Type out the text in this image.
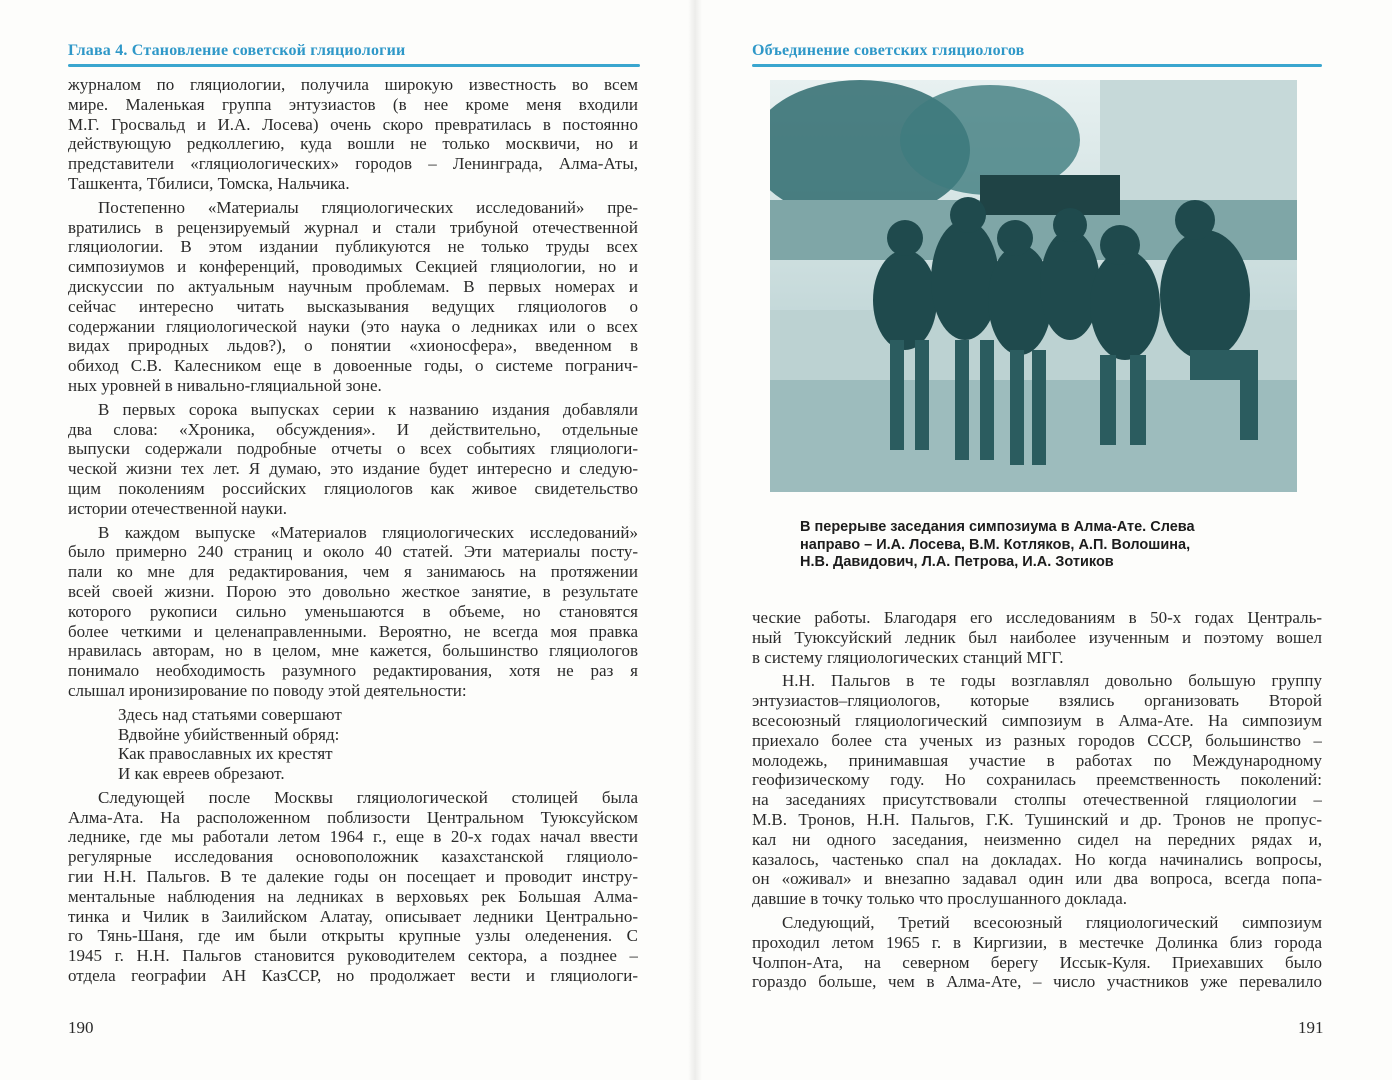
Глава 4. Становление советской гляциологии
журналом по гляциологии, получила широкую известность во всем
мире. Маленькая группа энтузиастов (в нее кроме меня входили
М.Г. Гросвальд и И.А. Лосева) очень скоро превратилась в постоянно
действующую редколлегию, куда вошли не только москвичи, но и
представители «гляциологических» городов – Ленинграда, Алма-Аты,
Ташкента, Тбилиси, Томска, Нальчика.
Постепенно «Материалы гляциологических исследований» пре-
вратились в рецензируемый журнал и стали трибуной отечественной
гляциологии. В этом издании публикуются не только труды всех
симпозиумов и конференций, проводимых Секцией гляциологии, но и
дискуссии по актуальным научным проблемам. В первых номерах и
сейчас интересно читать высказывания ведущих гляциологов о
содержании гляциологической науки (это наука о ледниках или о всех
видах природных льдов?), о понятии «хионосфера», введенном в
обиход С.В. Калесником еще в довоенные годы, о системе погранич-
ных уровней в нивально-гляциальной зоне.
В первых сорока выпусках серии к названию издания добавляли
два слова: «Хроника, обсуждения». И действительно, отдельные
выпуски содержали подробные отчеты о всех событиях гляциологи-
ческой жизни тех лет. Я думаю, это издание будет интересно и следую-
щим поколениям российских гляциологов как живое свидетельство
истории отечественной науки.
В каждом выпуске «Материалов гляциологических исследований»
было примерно 240 страниц и около 40 статей. Эти материалы посту-
пали ко мне для редактирования, чем я занимаюсь на протяжении
всей своей жизни. Порою это довольно жесткое занятие, в результате
которого рукописи сильно уменьшаются в объеме, но становятся
более четкими и целенаправленными. Вероятно, не всегда моя правка
нравилась авторам, но в целом, мне кажется, большинство гляциологов
понимало необходимость разумного редактирования, хотя не раз я
слышал иронизирование по поводу этой деятельности:
Здесь над статьями совершают
Вдвойне убийственный обряд:
Как православных их крестят
И как евреев обрезают.
Следующей после Москвы гляциологической столицей была
Алма-Ата. На расположенном поблизости Центральном Туюксуйском
леднике, где мы работали летом 1964 г., еще в 20-х годах начал ввести
регулярные исследования основоположник казахстанской гляциоло-
гии Н.Н. Пальгов. В те далекие годы он посещает и проводит инстру-
ментальные наблюдения на ледниках в верховьях рек Большая Алма-
тинка и Чилик в Заилийском Алатау, описывает ледники Центрально-
го Тянь-Шаня, где им были открыты крупные узлы оледенения. С
1945 г. Н.Н. Пальгов становится руководителем сектора, а позднее –
отдела географии АН КазССР, но продолжает вести и гляциологи-
190
Объединение советских гляциологов
В перерыве заседания симпозиума в Алма-Ате. Слева
направо – И.А. Лосева, В.М. Котляков, А.П. Волошина,
Н.В. Давидович, Л.А. Петрова, И.А. Зотиков
ческие работы. Благодаря его исследованиям в 50-х годах Централь-
ный Туюксуйский ледник был наиболее изученным и поэтому вошел
в систему гляциологических станций МГГ.
Н.Н. Пальгов в те годы возглавлял довольно большую группу
энтузиастов–гляциологов, которые взялись организовать Второй
всесоюзный гляциологический симпозиум в Алма-Ате. На симпозиум
приехало более ста ученых из разных городов СССР, большинство –
молодежь, принимавшая участие в работах по Международному
геофизическому году. Но сохранилась преемственность поколений:
на заседаниях присутствовали столпы отечественной гляциологии –
М.В. Тронов, Н.Н. Пальгов, Г.К. Тушинский и др. Тронов не пропус-
кал ни одного заседания, неизменно сидел на передних рядах и,
казалось, частенько спал на докладах. Но когда начинались вопросы,
он «оживал» и внезапно задавал один или два вопроса, всегда попа-
давшие в точку только что прослушанного доклада.
Следующий, Третий всесоюзный гляциологический симпозиум
проходил летом 1965 г. в Киргизии, в местечке Долинка близ города
Чолпон-Ата, на северном берегу Иссык-Куля. Приехавших было
гораздо больше, чем в Алма-Ате, – число участников уже перевалило
191
